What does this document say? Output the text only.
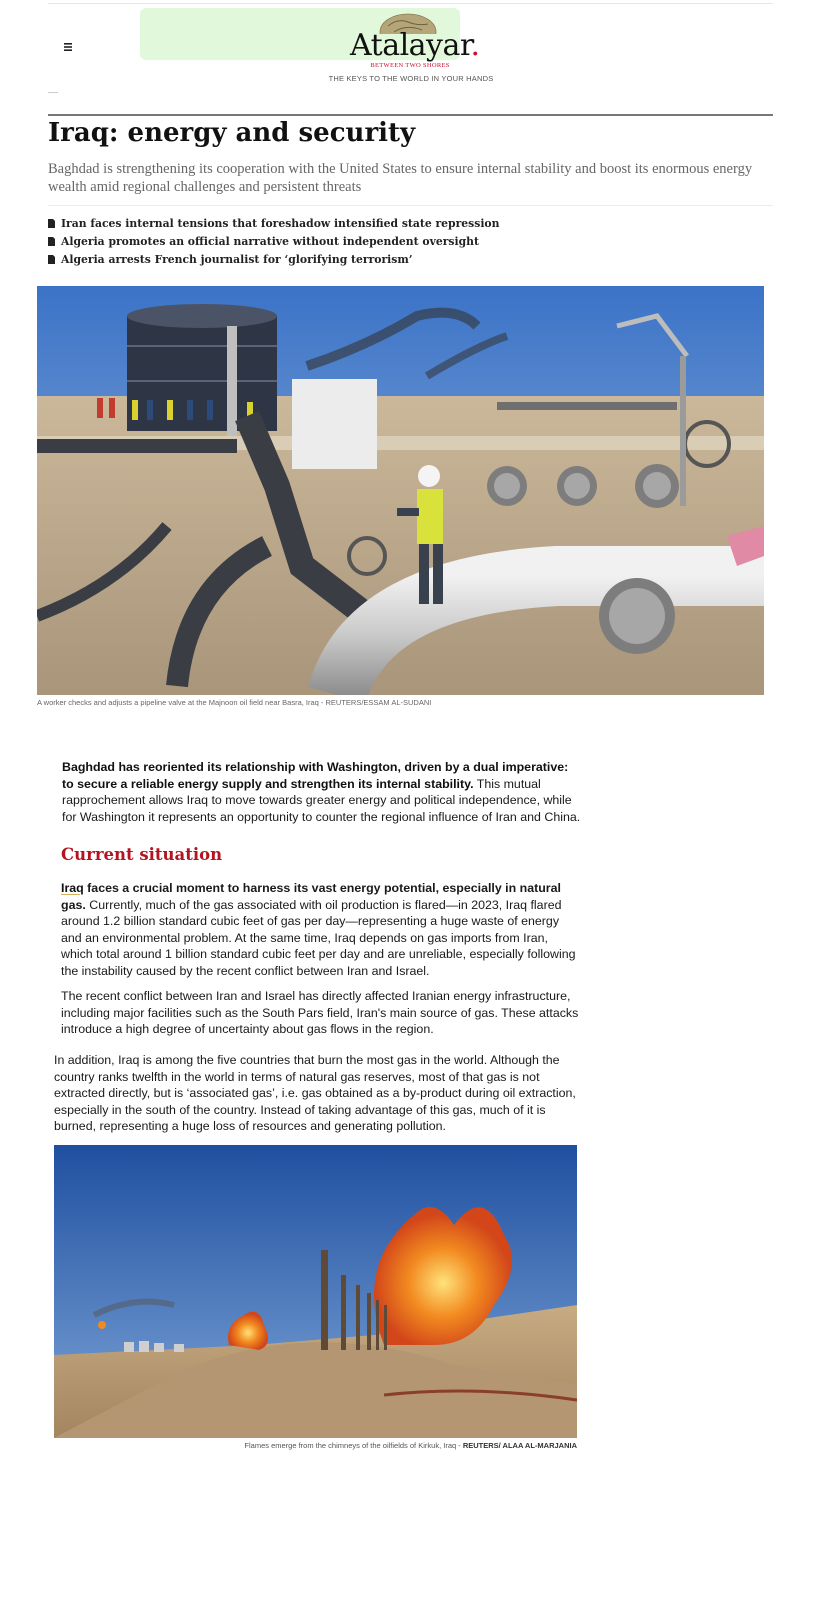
Atalayar.
BETWEEN TWO SHORES
THE KEYS TO THE WORLD IN YOUR HANDS
Iraq: energy and security

Baghdad is strengthening its cooperation with the United States to ensure internal stability and boost its enormous energy wealth amid regional challenges and persistent threats

Iran faces internal tensions that foreshadow intensified state repression
Algeria promotes an official narrative without independent oversight
Algeria arrests French journalist for ‘glorifying terrorism’
A worker checks and adjusts a pipeline valve at the Majnoon oil field near Basra, Iraq - REUTERS/ESSAM AL-SUDANI

Baghdad has reoriented its relationship with Washington, driven by a dual imperative: to secure a reliable energy supply and strengthen its internal stability. This mutual rapprochement allows Iraq to move towards greater energy and political independence, while for Washington it represents an opportunity to counter the regional influence of Iran and China.

Current situation

Iraq faces a crucial moment to harness its vast energy potential, especially in natural gas. Currently, much of the gas associated with oil production is flared—in 2023, Iraq flared around 1.2 billion standard cubic feet of gas per day—representing a huge waste of energy and an environmental problem. At the same time, Iraq depends on gas imports from Iran, which total around 1 billion standard cubic feet per day and are unreliable, especially following the instability caused by the recent conflict between Iran and Israel.

The recent conflict between Iran and Israel has directly affected Iranian energy infrastructure, including major facilities such as the South Pars field, Iran's main source of gas. These attacks introduce a high degree of uncertainty about gas flows in the region.

In addition, Iraq is among the five countries that burn the most gas in the world. Although the country ranks twelfth in the world in terms of natural gas reserves, most of that gas is not extracted directly, but is ‘associated gas’, i.e. gas obtained as a by-product during oil extraction, especially in the south of the country. Instead of taking advantage of this gas, much of it is burned, representing a huge loss of resources and generating pollution.

Flames emerge from the chimneys of the oilfields of Kirkuk, Iraq - REUTERS/ ALAA AL-MARJANIA
